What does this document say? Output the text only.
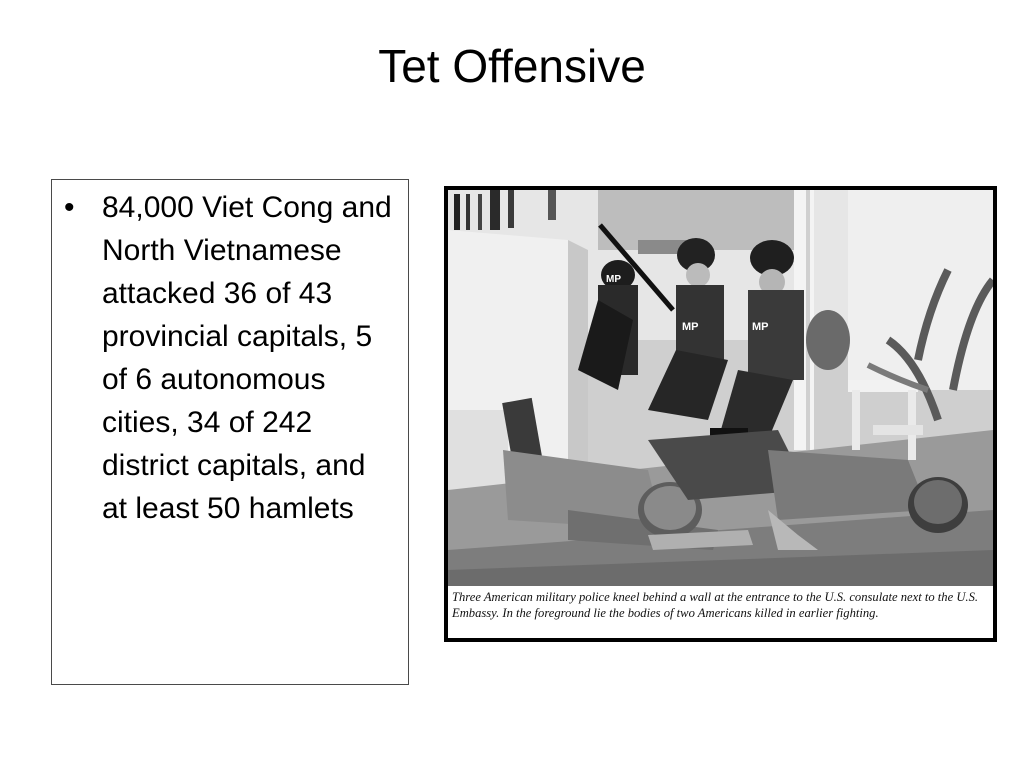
Tet Offensive
• 84,000 Viet Cong and North Vietnamese attacked 36 of 43 provincial capitals, 5 of 6 autonomous cities, 34 of 242 district capitals, and at least 50 hamlets
MP
MP	MP
Three American military police kneel behind a wall at the entrance to the U.S. consulate next to the U.S. Embassy. In the foreground lie the bodies of two Americans killed in earlier fighting.
